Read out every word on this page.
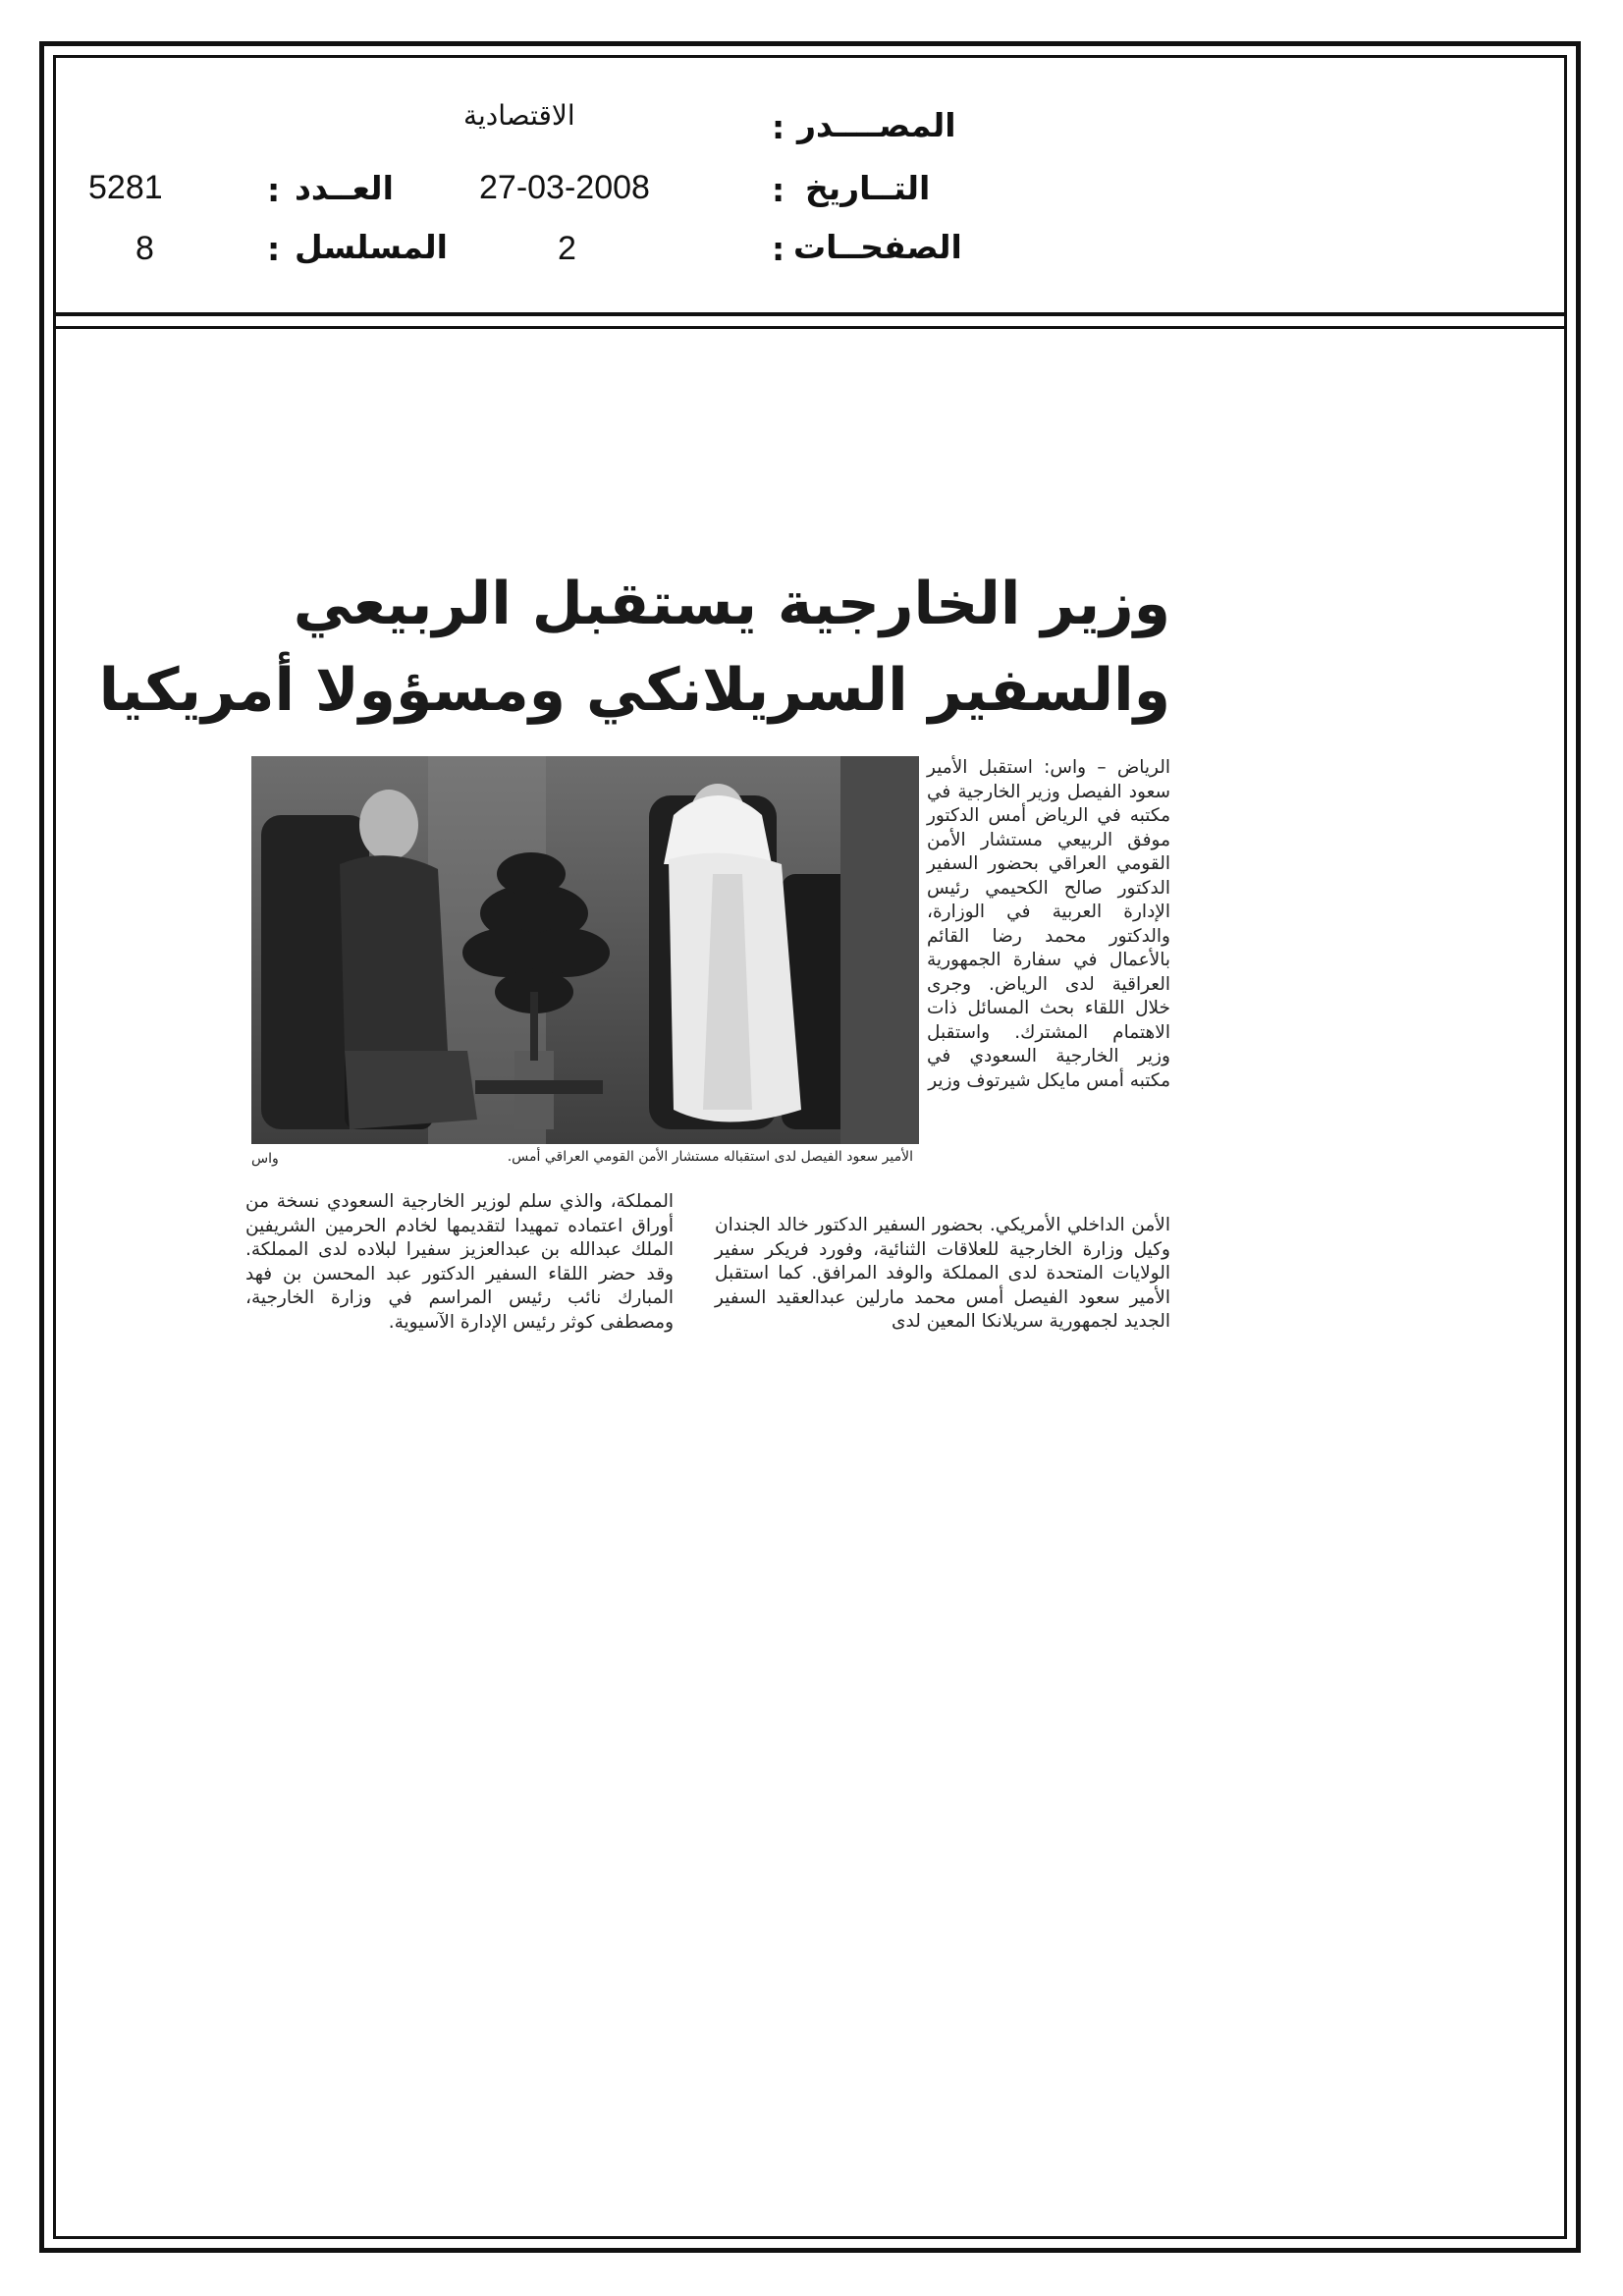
المصــــدر
:
الاقتصادية
التــاريخ
:
27-03-2008
العــدد
:
5281
الصفحــات
:
2
المسلسل
:
8
وزير الخارجية يستقبل الربيعي
والسفير السريلانكي ومسؤولا أمريكيا
الأمير سعود الفيصل لدى استقباله مستشار الأمن القومي العراقي أمس.
واس

الرياض – واس: استقبل الأمير سعود الفيصل وزير الخارجية في مكتبه في الرياض أمس الدكتور موفق الربيعي مستشار الأمن القومي العراقي بحضور السفير الدكتور صالح الكحيمي رئيس الإدارة العربية في الوزارة، والدكتور محمد رضا القائم بالأعمال في سفارة الجمهورية العراقية لدى الرياض. وجرى خلال اللقاء بحث المسائل ذات الاهتمام المشترك. واستقبل وزير الخارجية السعودي في مكتبه أمس مايكل شيرتوف وزير

الأمن الداخلي الأمريكي. بحضور السفير الدكتور خالد الجندان وكيل وزارة الخارجية للعلاقات الثنائية، وفورد فريكر سفير الولايات المتحدة لدى المملكة والوفد المرافق. كما استقبل الأمير سعود الفيصل أمس محمد مارلين عبدالعقيد السفير الجديد لجمهورية سريلانكا المعين لدى

المملكة، والذي سلم لوزير الخارجية السعودي نسخة من أوراق اعتماده تمهيدا لتقديمها لخادم الحرمين الشريفين الملك عبدالله بن عبدالعزيز سفيرا لبلاده لدى المملكة. وقد حضر اللقاء السفير الدكتور عبد المحسن بن فهد المبارك نائب رئيس المراسم في وزارة الخارجية، ومصطفى كوثر رئيس الإدارة الآسيوية.
